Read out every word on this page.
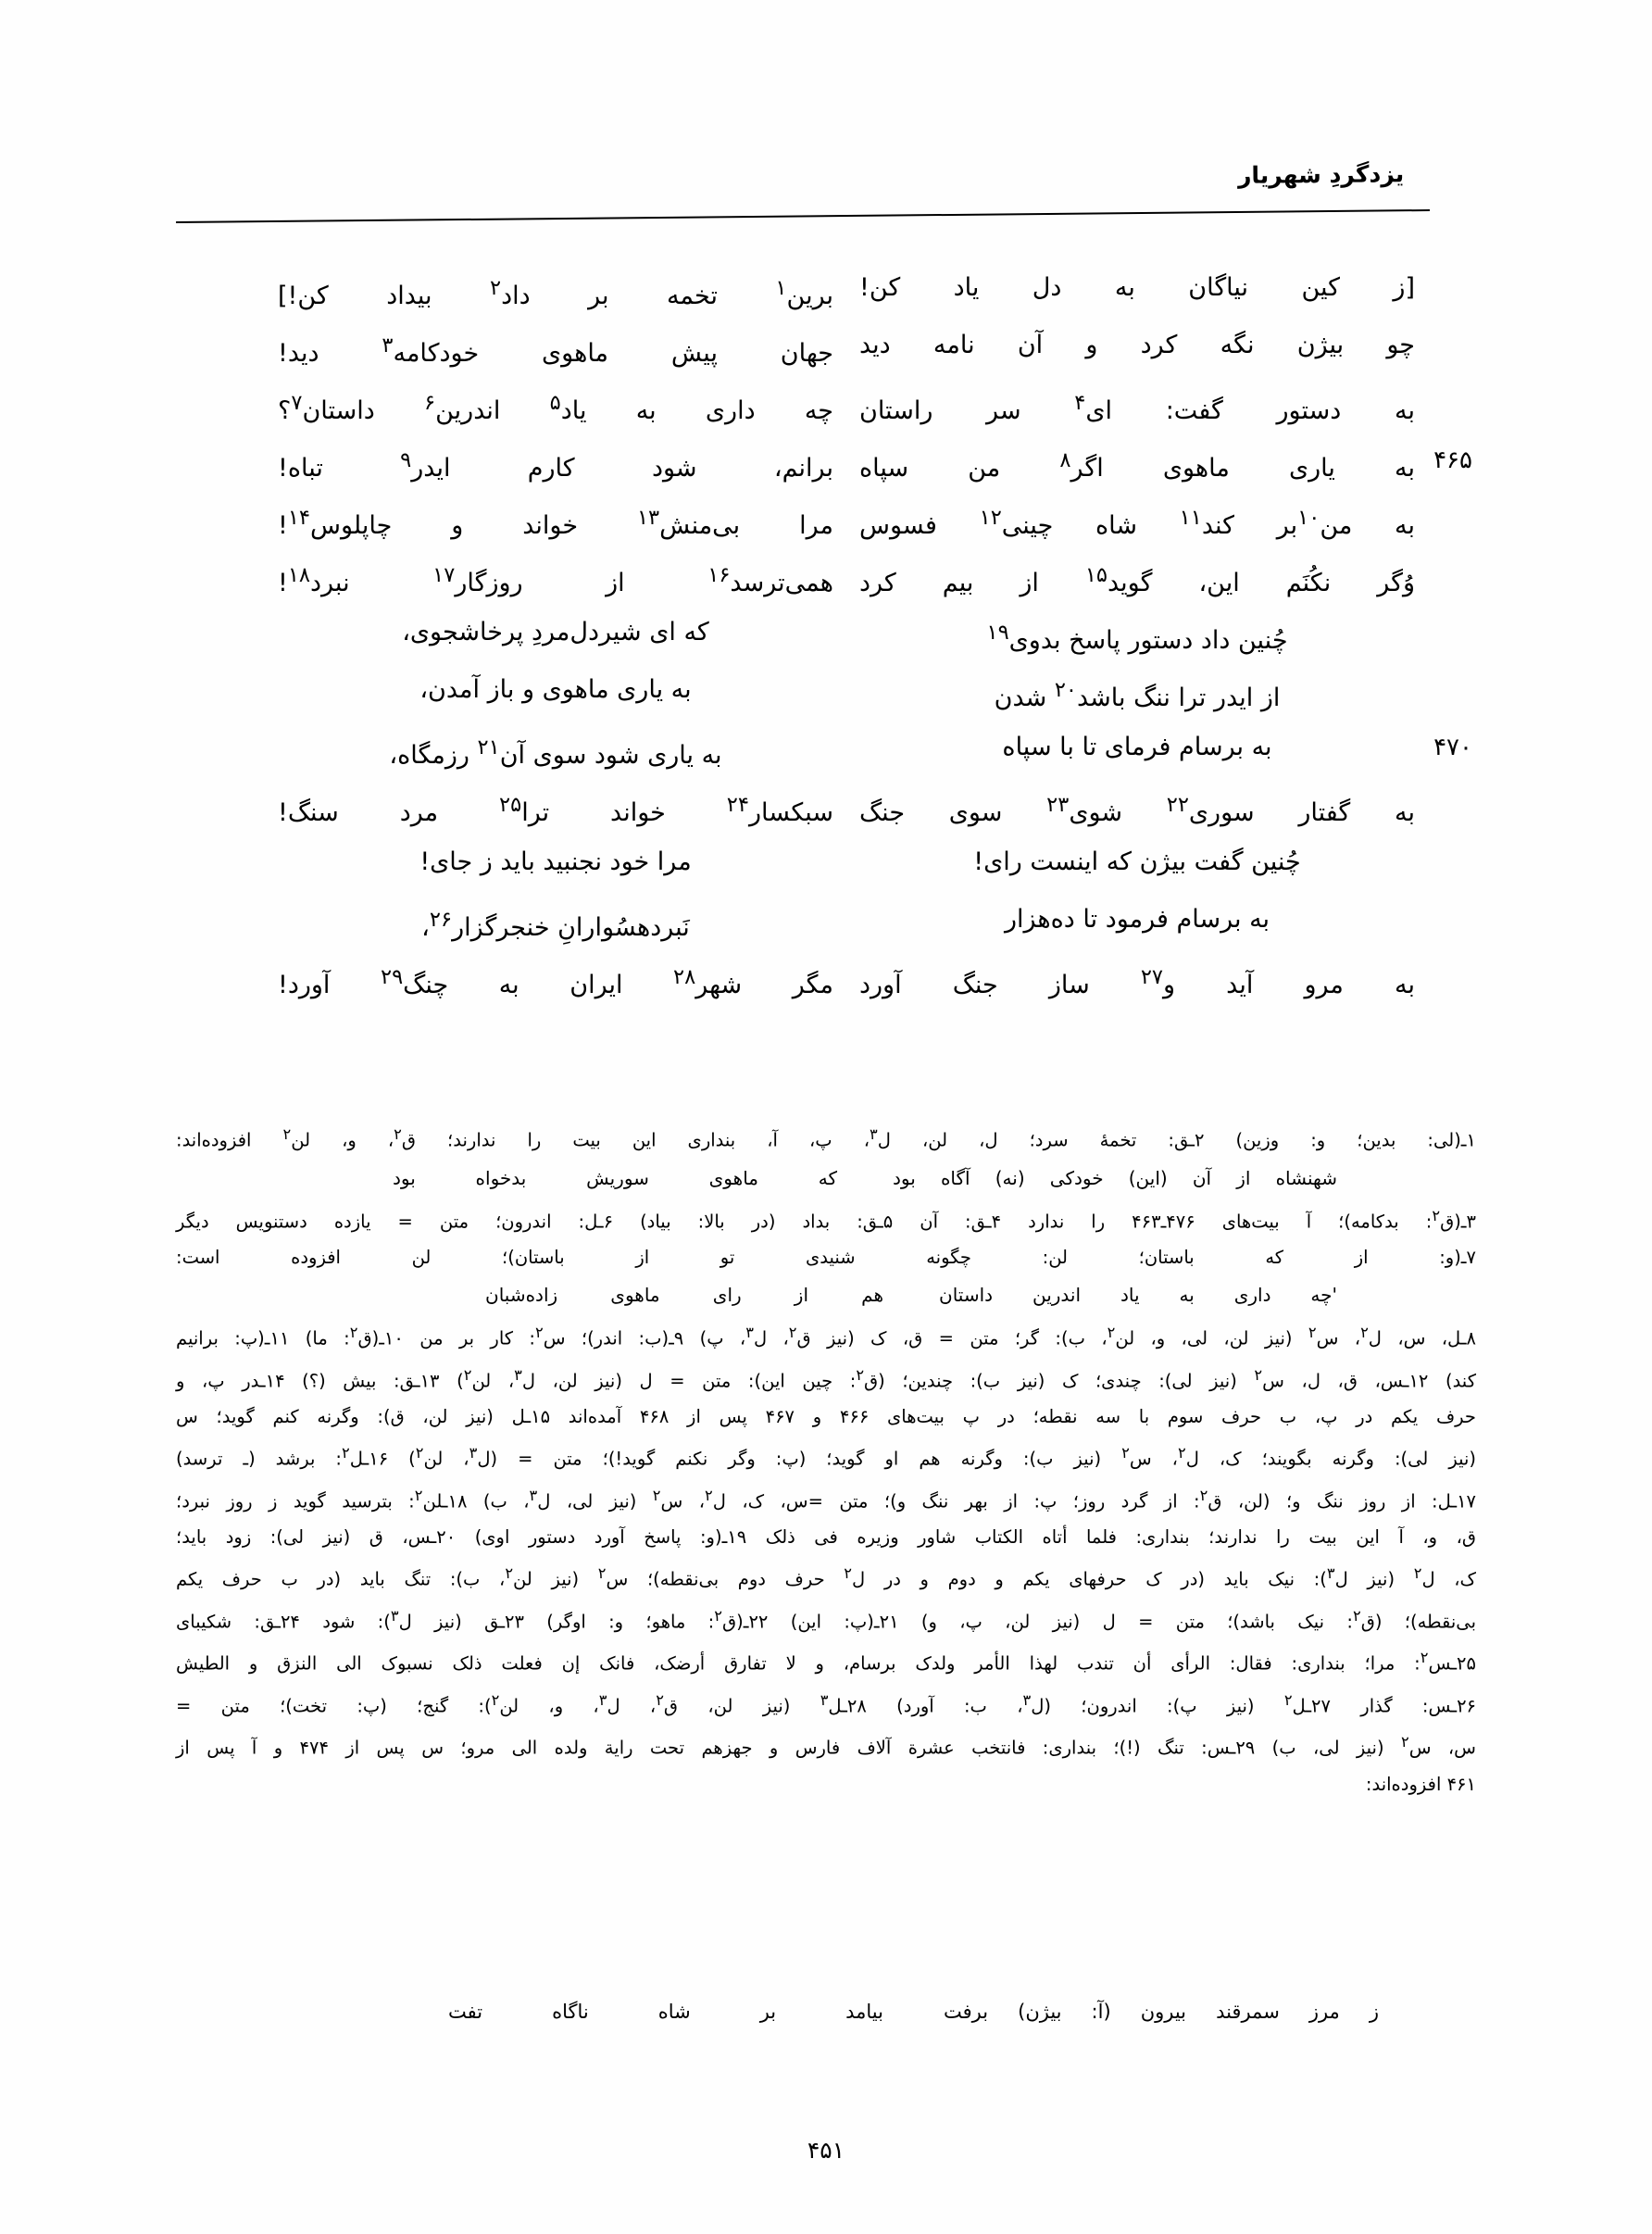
یزدگردِ شهریار
[ز کین نیاگان به دل یاد کن!
برین$^۱$ تخمه بر داد$^۲$ بیداد کن!]
چو بیژن نگه کرد و آن نامه دید
جهان پیش ماهوی خودکامه$^۳$ دید!
به دستور گفت: ای$^۴$ سر راستان
چه داری به یاد$^۵$ اندرین$^۶$ داستان$^۷$؟
۴۶۵
به یاری ماهوی اگر$^۸$ من سپاه
برانم، شود کارم ایدر$^۹$ تباه!
به من$^{۱۰}$بر کند$^{۱۱}$ شاه چینی$^{۱۲}$ فسوس
مرا بی‌منش$^{۱۳}$ خواند و چاپلوس$^{۱۴}$!
وُگر نکُنَم این، گوید$^{۱۵}$ از بیم کرد
همی‌ترسد$^{۱۶}$ از روزگار$^{۱۷}$ نبرد$^{۱۸}$!
چُنین داد دستور پاسخ بدوی$^{۱۹}$
که ای شیردل‌مردِ پرخاشجوی،
از ایدر ترا ننگ باشد$^{۲۰}$ شدن
به یاری ماهوی و باز آمدن،
۴۷۰
به برسام فرمای تا با سپاه
به یاری شود سوی آن$^{۲۱}$ رزمگاه،
به گفتار سوری$^{۲۲}$ شوی$^{۲۳}$ سوی جنگ
سبکسار$^{۲۴}$ خواند ترا$^{۲۵}$ مرد سنگ!
چُنین گفت بیژن که اینست رای!
مرا خود نجنبید باید ز جای!
به برسام فرمود تا ده‌هزار
نَبردهسُوارانِ خنجرگزار$^{۲۶}$،
به مرو آید و$^{۲۷}$ ساز جنگ آورد
مگر شهر$^{۲۸}$ ایران به چنگ$^{۲۹}$ آورد!
۱ـ(لی: بدین؛ و: وزین) ۲ـق: تخمهٔ سرد؛ ل، لن، ل$^۳$، پ، آ، بنداری این بیت را ندارند؛ ق$^۲$، و، لن$^۲$ افزوده‌اند:
شهنشاه از آن (این) خودکی (نه) آگاه بود
که ماهوی سوریش بدخواه بود
۳ـ(ق$^۲$: بدکامه)؛ آ بیت‌های ۴۷۶ـ۴۶۳ را ندارد ۴ـق: آن ۵ـق: بداد (در بالا: بیاد) ۶ـل: اندرون؛ متن = یازده دستنویس دیگر
۷ـ(و: از که باستان؛ لن: چگونه شنیدی تو از باستان)؛ لن افزوده است:
'چه داری به یاد اندرین داستان
هم از رای ماهوی زاده‌شبان
۸ـل، س، ل$^۲$، س$^۲$ (نیز لن، لی، و، لن$^۲$، ب): گر؛ متن = ق، ک (نیز ق$^۲$، ل$^۳$، پ) ۹ـ(ب: اندر)؛ س$^۲$: کار بر من ۱۰ـ(ق$^۲$: ما) ۱۱ـ(پ: برانیم
کند) ۱۲ـس، ق، ل، س$^۲$ (نیز لی): چندی؛ ک (نیز ب): چندین؛ (ق$^۲$: چین این): متن = ل (نیز لن، ل$^۳$، لن$^۲$) ۱۳ـق: بیش (؟) ۱۴ـدر پ، و
حرف یکم در پ، ب حرف سوم با سه نقطه؛ در پ بیت‌های ۴۶۶ و ۴۶۷ پس از ۴۶۸ آمده‌اند ۱۵ـل (نیز لن، ق): وگرنه کنم گوید؛ س
(نیز لی): وگرنه بگویند؛ ک، ل$^۲$، س$^۲$ (نیز ب): وگرنه هم او گوید؛ (پ: وگر نکنم گوید!)؛ متن = (ل$^۳$، لن$^۲$) ۱۶ـل$^۲$: برشد (ـ ترسد)
۱۷ـل: از روز ننگ و؛ (لن، ق$^۲$: از گرد روز؛ پ: از بهر ننگ و)؛ متن =س، ک، ل$^۲$، س$^۲$ (نیز لی، ل$^۳$، ب) ۱۸ـلن$^۲$: بترسید گوید ز روز نبرد؛
ق، و، آ این بیت را ندارند؛ بنداری: فلما أتاه الکتاب شاور وزیره فی ذلک ۱۹ـ(و: پاسخ آورد دستور اوی) ۲۰ـس، ق (نیز لی): زود باید؛
ک، ل$^۲$ (نیز ل$^۳$): نیک باید (در ک حرفهای یکم و دوم و در ل$^۲$ حرف دوم بی‌نقطه)؛ س$^۲$ (نیز لن$^۲$، ب): تنگ باید (در ب حرف یکم
بی‌نقطه)؛ (ق$^۲$: نیک باشد)؛ متن = ل (نیز لن، پ، و) ۲۱ـ(پ: این) ۲۲ـ(ق$^۲$: ماهو؛ و: اوگر) ۲۳ـق (نیز ل$^۳$): شود ۲۴ـق: شکیبای
۲۵ـس$^۲$: مرا؛ بنداری: فقال: الرأی أن تندب لهذا الأمر ولدک برسام، و لا تفارق أرضک، فانک إن فعلت ذلک نسبوک الی النزق و الطیش
۲۶ـس: گذار ۲۷ـل$^۲$ (نیز پ): اندرون؛ (ل$^۳$، ب: آورد) ۲۸ـل$^۳$ (نیز لن، ق$^۲$، ل$^۳$، و، لن$^۲$): گنج؛ (پ: تخت)؛ متن =
س، س$^۲$ (نیز لی، ب) ۲۹ـس: تنگ (!)؛ بنداری: فانتخب عشرة آلاف فارس و جهزهم تحت رایة ولده الی مرو؛ س پس از ۴۷۴ و آ پس از
۴۶۱ افزوده‌اند:
ز مرز سمرقند بیرون (آ: بیژن) برفت
بیامد بر شاه ناگاه تفت
۴۵۱
